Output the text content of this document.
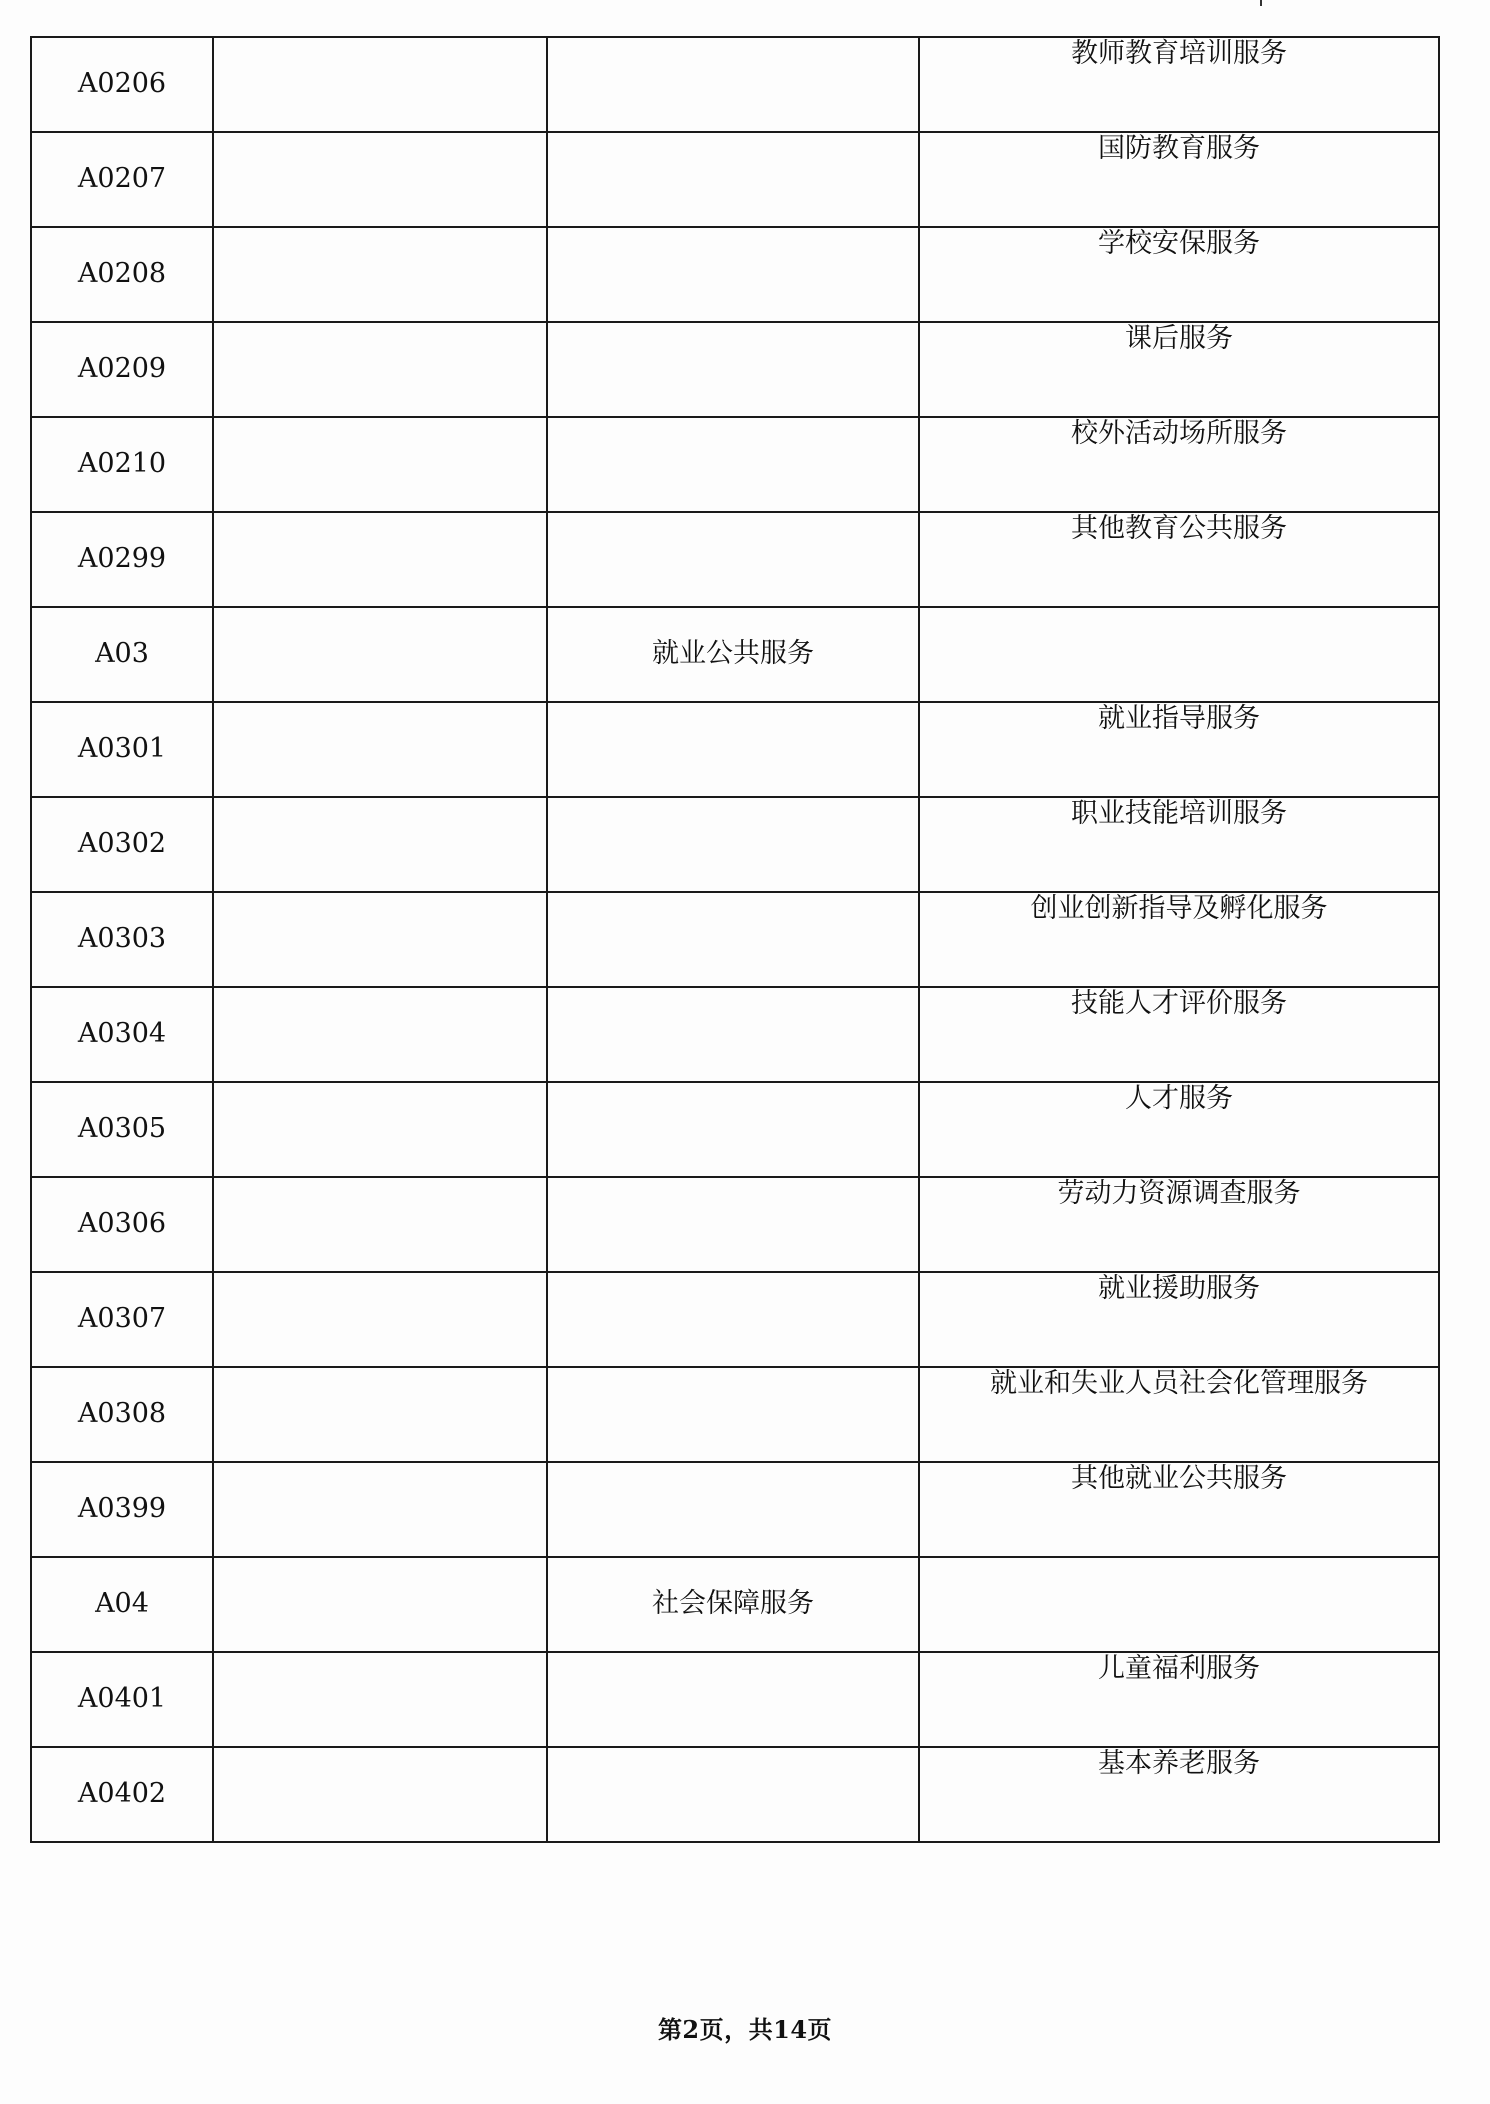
A0206			教师教育培训服务
A0207			国防教育服务
A0208			学校安保服务
A0209			课后服务
A0210			校外活动场所服务
A0299			其他教育公共服务
A03		就业公共服务	
A0301			就业指导服务
A0302			职业技能培训服务
A0303			创业创新指导及孵化服务
A0304			技能人才评价服务
A0305			人才服务
A0306			劳动力资源调查服务
A0307			就业援助服务
A0308			就业和失业人员社会化管理服务
A0399			其他就业公共服务
A04		社会保障服务	
A0401			儿童福利服务
A0402			基本养老服务
第2页，共14页
